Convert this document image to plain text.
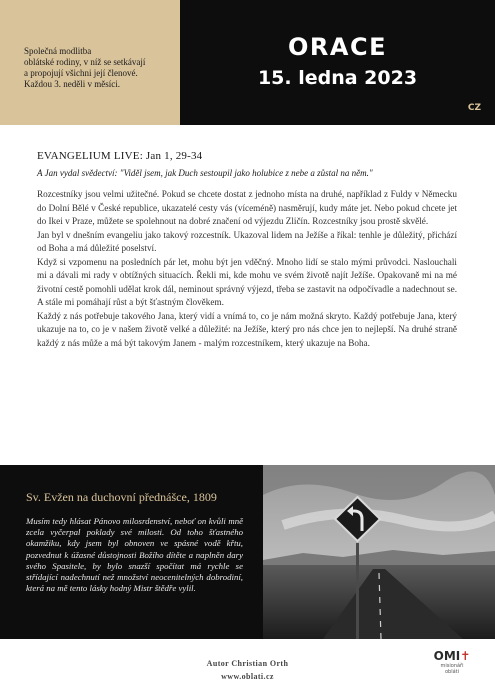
Společná modlitba
oblátské rodiny, v níž se setkávají
a propojují všichni její členové.
Každou 3. neděli v měsíci.
ORACE
15. ledna 2023
CZ

EVANGELIUM LIVE: Jan 1, 29-34

A Jan vydal svědectví: "Viděl jsem, jak Duch sestoupil jako holubice z nebe a zůstal na něm."

Rozcestníky jsou velmi užitečné. Pokud se chcete dostat z jednoho místa na druhé, například z Fuldy v Německu do Dolní Bělé v České republice, ukazatelé cesty vás (víceméně) nasměrují, kudy máte jet. Nebo pokud chcete jet do Ikei v Praze, můžete se spolehnout na dobré značení od výjezdu Zličín. Rozcestníky jsou prostě skvělé.

Jan byl v dnešním evangeliu jako takový rozcestník. Ukazoval lidem na Ježíše a říkal: tenhle je důležitý, přichází od Boha a má důležité poselství.

Když si vzpomenu na posledních pár let, mohu být jen vděčný. Mnoho lidí se stalo mými průvodci. Naslouchali mi a dávali mi rady v obtížných situacích. Řekli mi, kde mohu ve svém životě najít Ježíše. Opakovaně mi na mé životní cestě pomohli udělat krok dál, neminout správný výjezd, třeba se zastavit na odpočívadle a nadechnout se. A stále mi pomáhají růst a být šťastným člověkem.

Každý z nás potřebuje takového Jana, který vidí a vnímá to, co je nám možná skryto. Každý potřebuje Jana, který ukazuje na to, co je v našem životě velké a důležité: na Ježíše, který pro nás chce jen to nejlepší. Na druhé straně každý z nás může a má být takovým Janem - malým rozcestníkem, který ukazuje na Boha.

Sv. Evžen na duchovní přednášce, 1809
Musím tedy hlásat Pánovo milosrdenství, neboť on kvůli mně zcela vyčerpal poklady své milosti. Od toho šťastného okamžiku, kdy jsem byl obnoven ve spásné vodě křtu, pozvednut k úžasné důstojnosti Božího dítěte a naplněn dary svého Spasitele, by bylo snazší spočítat má rychle se střídající nadechnutí než množství neocenitelných dobrodiní, která na mě tento lásky hodný Mistr štědře vylil.
Autor Christian Orth
www.oblati.cz
OMI✝
misionáři
obláti
